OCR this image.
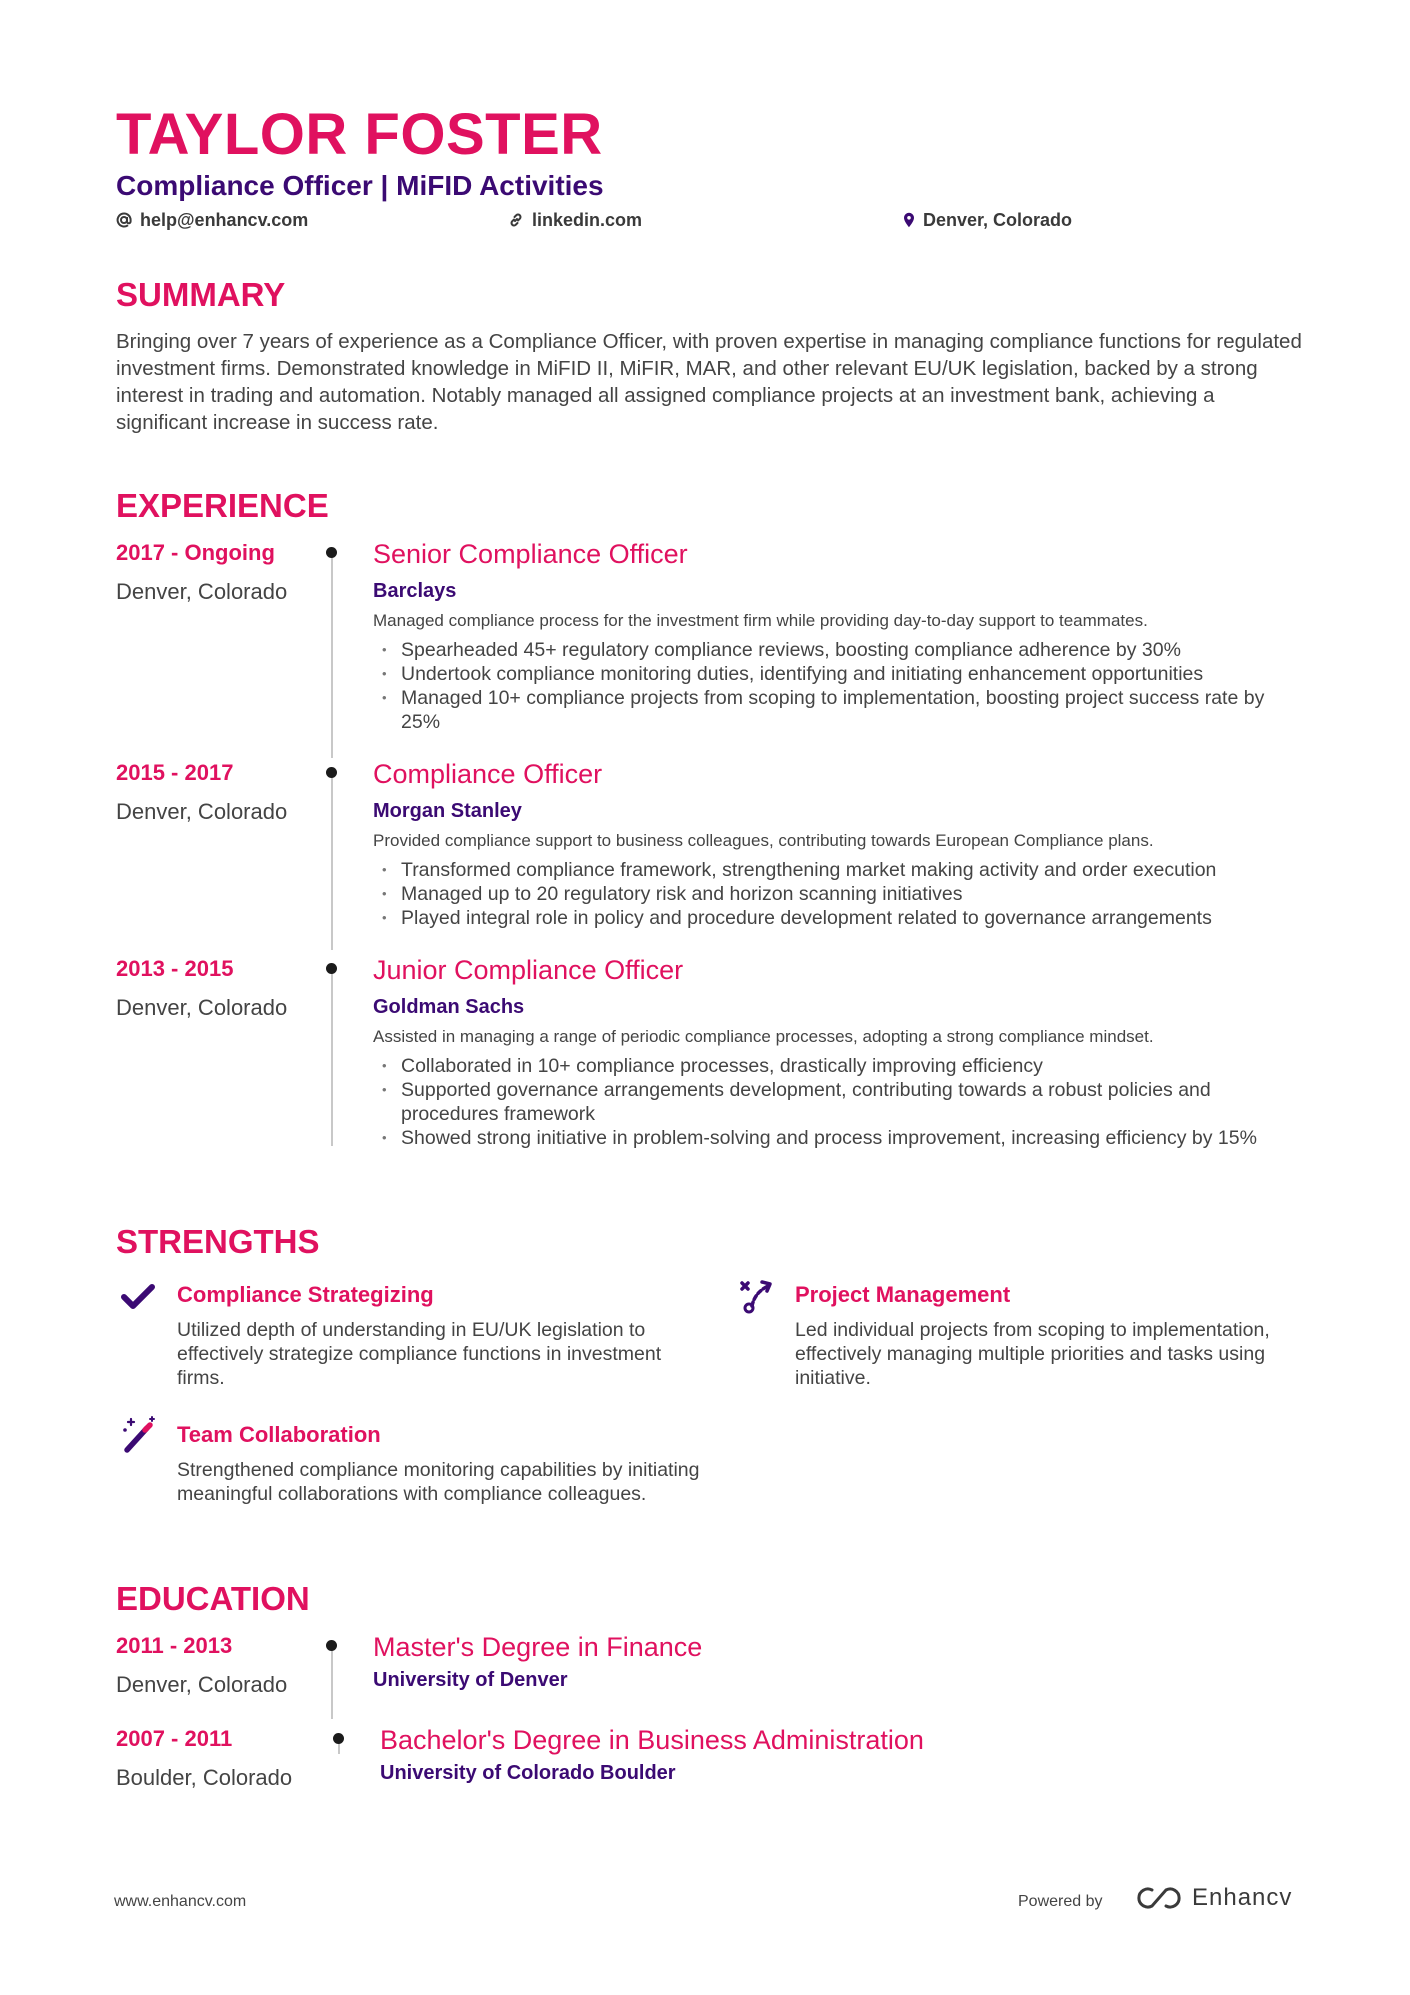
TAYLOR FOSTER
Compliance Officer | MiFID Activities
help@enhancv.com	linkedin.com	Denver, Colorado
SUMMARY
Bringing over 7 years of experience as a Compliance Officer, with proven expertise in managing compliance functions for regulated investment firms. Demonstrated knowledge in MiFID II, MiFIR, MAR, and other relevant EU/UK legislation, backed by a strong interest in trading and automation. Notably managed all assigned compliance projects at an investment bank, achieving a significant increase in success rate.
EXPERIENCE
2017 - Ongoing
Denver, Colorado
Senior Compliance Officer
Barclays
Managed compliance process for the investment firm while providing day-to-day support to teammates.
• Spearheaded 45+ regulatory compliance reviews, boosting compliance adherence by 30%
• Undertook compliance monitoring duties, identifying and initiating enhancement opportunities
• Managed 10+ compliance projects from scoping to implementation, boosting project success rate by 25%
2015 - 2017
Denver, Colorado
Compliance Officer
Morgan Stanley
Provided compliance support to business colleagues, contributing towards European Compliance plans.
• Transformed compliance framework, strengthening market making activity and order execution
• Managed up to 20 regulatory risk and horizon scanning initiatives
• Played integral role in policy and procedure development related to governance arrangements
2013 - 2015
Denver, Colorado
Junior Compliance Officer
Goldman Sachs
Assisted in managing a range of periodic compliance processes, adopting a strong compliance mindset.
• Collaborated in 10+ compliance processes, drastically improving efficiency
• Supported governance arrangements development, contributing towards a robust policies and procedures framework
• Showed strong initiative in problem-solving and process improvement, increasing efficiency by 15%
STRENGTHS
Compliance Strategizing
Utilized depth of understanding in EU/UK legislation to effectively strategize compliance functions in investment firms.
Project Management
Led individual projects from scoping to implementation, effectively managing multiple priorities and tasks using initiative.
Team Collaboration
Strengthened compliance monitoring capabilities by initiating meaningful collaborations with compliance colleagues.
EDUCATION
2011 - 2013
Denver, Colorado
Master's Degree in Finance
University of Denver
2007 - 2011
Boulder, Colorado
Bachelor's Degree in Business Administration
University of Colorado Boulder
www.enhancv.com	Powered by	Enhancv
